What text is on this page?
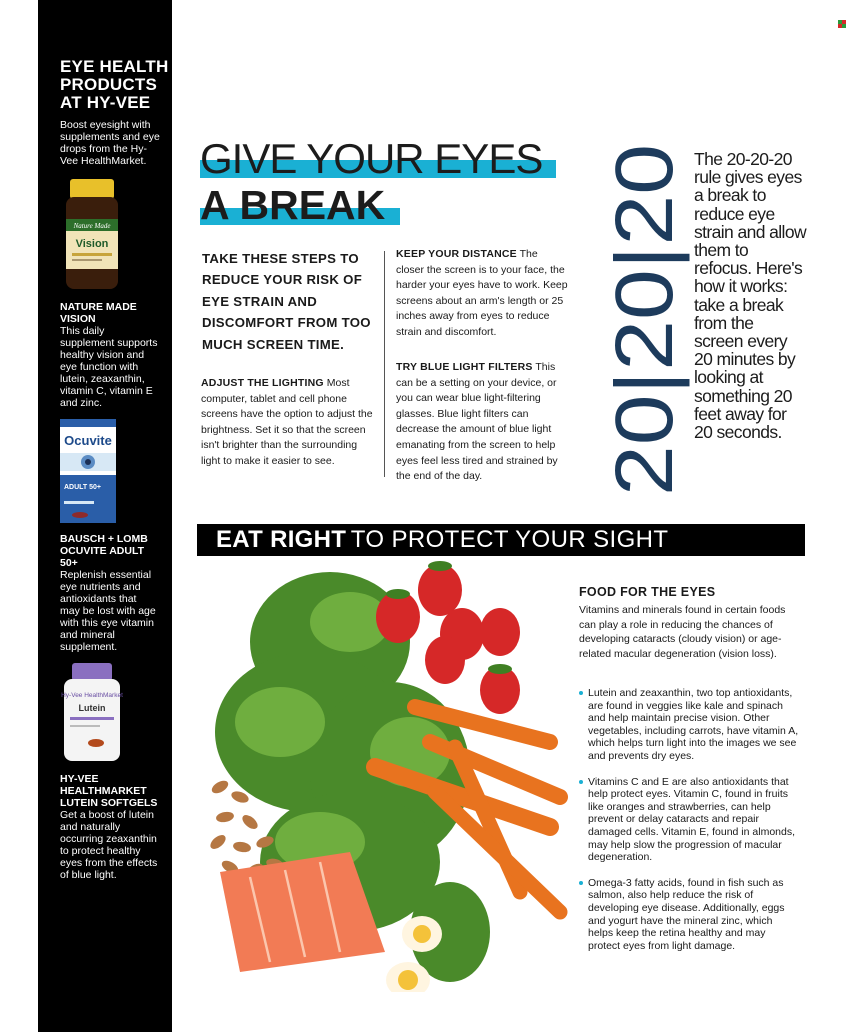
EYE HEALTH PRODUCTS AT HY-VEE

Boost eyesight with supplements and eye drops from the Hy-Vee HealthMarket.

Nature Made
Vision
NATURE MADE VISION
This daily supplement supports healthy vision and eye function with lutein, zeaxanthin, vitamin C, vitamin E and zinc.
Ocuvite
ADULT 50+
BAUSCH + LOMB OCUVITE ADULT 50+
Replenish essential eye nutrients and antioxidants that may be lost with age with this eye vitamin and mineral supplement.
Hy-Vee HealthMarket
Lutein
HY-VEE HEALTHMARKET LUTEIN SOFTGELS
Get a boost of lutein and naturally occurring zeaxanthin to protect healthy eyes from the effects of blue light.
GIVE YOUR EYES
A BREAK
TAKE THESE STEPS TO REDUCE YOUR RISK OF EYE STRAIN AND DISCOMFORT FROM TOO MUCH SCREEN TIME.

ADJUST THE LIGHTING Most computer, tablet and cell phone screens have the option to adjust the brightness. Set it so that the screen isn't brighter than the surrounding light to make it easier to see.

KEEP YOUR DISTANCE The closer the screen is to your face, the harder your eyes have to work. Keep screens about an arm's length or 25 inches away from eyes to reduce strain and discomfort.

TRY BLUE LIGHT FILTERS This can be a setting on your device, or you can wear blue light-filtering glasses. Blue light filters can decrease the amount of blue light emanating from the screen to help eyes feel less tired and strained by the end of the day.	20|20|20

The 20-20-20 rule gives eyes a break to reduce eye strain and allow them to refocus. Here's how it works: take a break from the screen every 20 minutes by looking at something 20 feet away for 20 seconds.

EAT RIGHT TO PROTECT YOUR SIGHT
FOOD FOR THE EYES

Vitamins and minerals found in certain foods can play a role in reducing the chances of developing cataracts (cloudy vision) or age-related macular degeneration (vision loss).

Lutein and zeaxanthin, two top antioxidants, are found in veggies like kale and spinach and help maintain precise vision. Other vegetables, including carrots, have vitamin A, which helps turn light into the images we see and prevents dry eyes.
Vitamins C and E are also antioxidants that help protect eyes. Vitamin C, found in fruits like oranges and strawberries, can help prevent or delay cataracts and repair damaged cells. Vitamin E, found in almonds, may help slow the progression of macular degeneration.
Omega-3 fatty acids, found in fish such as salmon, also help reduce the risk of developing eye disease. Additionally, eggs and yogurt have the mineral zinc, which helps keep the retina healthy and may protect eyes from light damage.
